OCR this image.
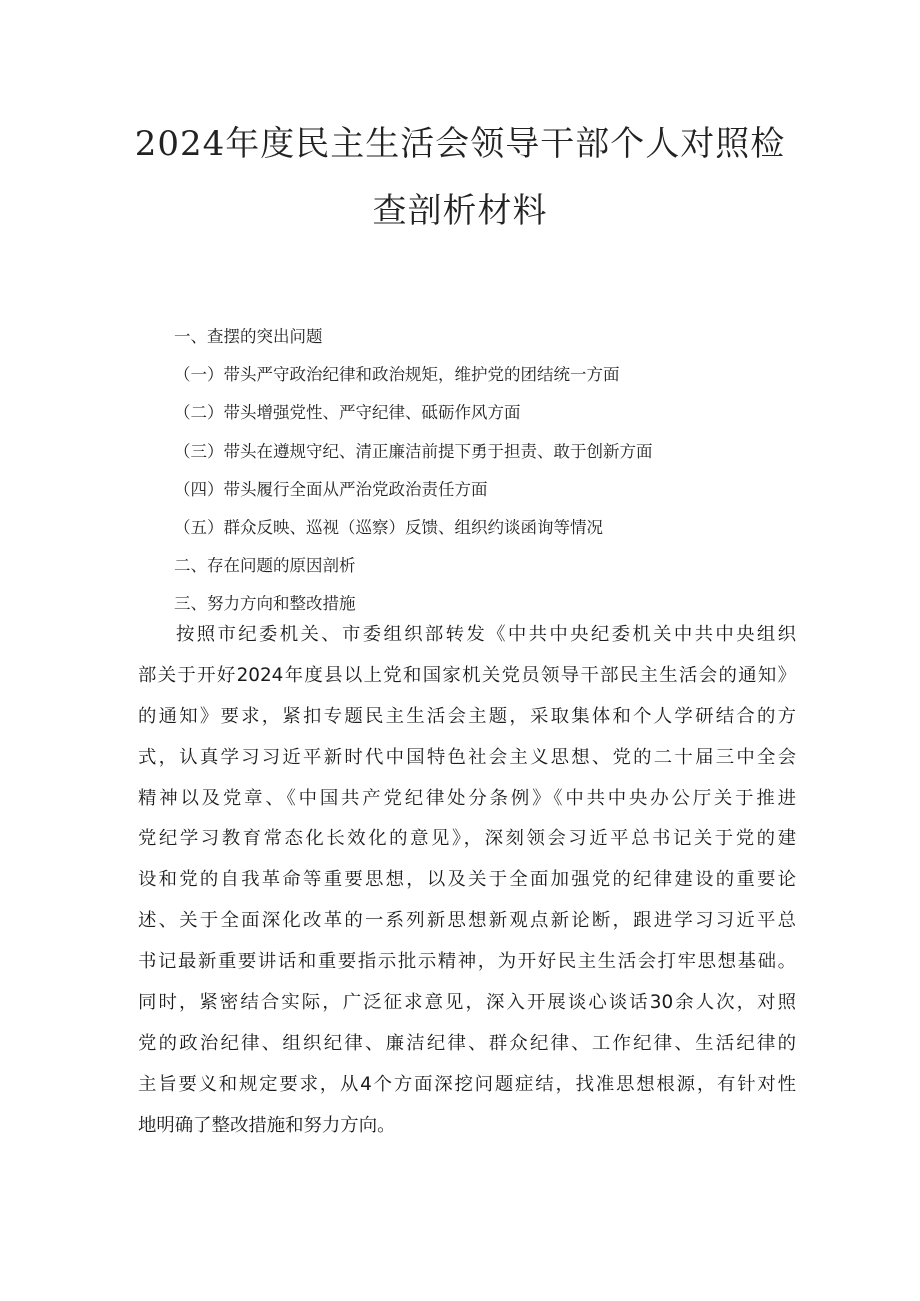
2024年度民主生活会领导干部个人对照检
查剖析材料
一、查摆的突出问题
（一）带头严守政治纪律和政治规矩，维护党的团结统一方面
（二）带头增强党性、严守纪律、砥砺作风方面
（三）带头在遵规守纪、清正廉洁前提下勇于担责、敢于创新方面
（四）带头履行全面从严治党政治责任方面
（五）群众反映、巡视（巡察）反馈、组织约谈函询等情况
二、存在问题的原因剖析
三、努力方向和整改措施
按照市纪委机关、市委组织部转发《中共中央纪委机关中共中央组织
部关于开好2024年度县以上党和国家机关党员领导干部民主生活会的通知》
的通知》要求，紧扣专题民主生活会主题，采取集体和个人学研结合的方
式，认真学习习近平新时代中国特色社会主义思想、党的二十届三中全会
精神以及党章、《中国共产党纪律处分条例》《中共中央办公厅关于推进
党纪学习教育常态化长效化的意见》，深刻领会习近平总书记关于党的建
设和党的自我革命等重要思想，以及关于全面加强党的纪律建设的重要论
述、关于全面深化改革的一系列新思想新观点新论断，跟进学习习近平总
书记最新重要讲话和重要指示批示精神，为开好民主生活会打牢思想基础。
同时，紧密结合实际，广泛征求意见，深入开展谈心谈话30余人次，对照
党的政治纪律、组织纪律、廉洁纪律、群众纪律、工作纪律、生活纪律的
主旨要义和规定要求，从4个方面深挖问题症结，找准思想根源，有针对性
地明确了整改措施和努力方向。
